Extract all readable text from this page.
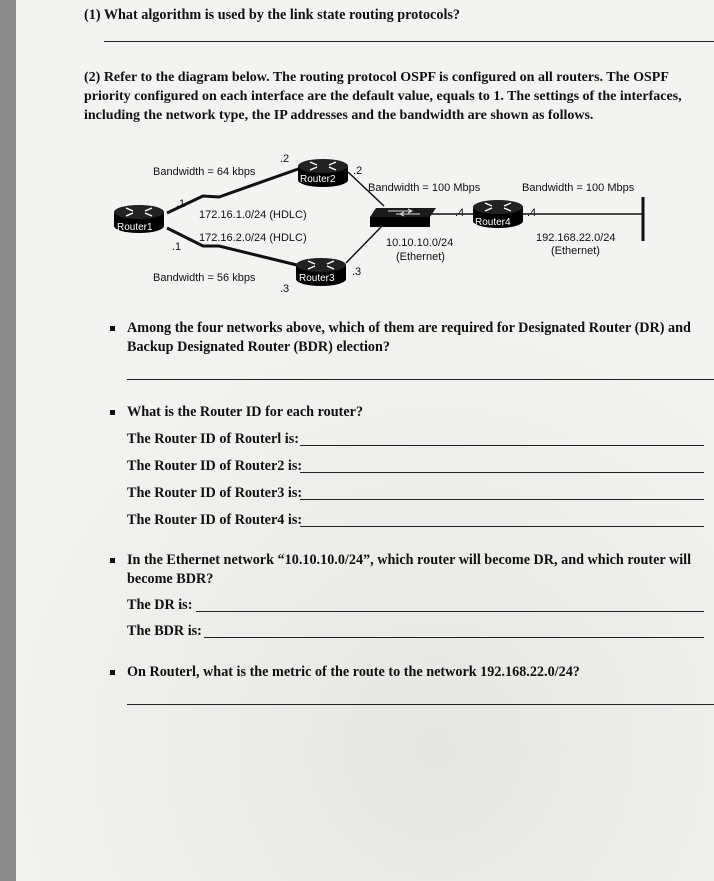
(1) What algorithm is used by the link state routing protocols?
(2) Refer to the diagram below. The routing protocol OSPF is configured on all routers. The OSPF priority configured on each interface are the default value, equals to 1. The settings of the interfaces, including the network type, the IP addresses and the bandwidth are shown as follows.
Router1
Router2
Router3
Router4
Bandwidth = 64 kbps
Bandwidth = 56 kbps
Bandwidth = 100 Mbps	Bandwidth = 100 Mbps
172.16.1.0/24 (HDLC)
172.16.2.0/24 (HDLC)	10.10.10.0/24
(Ethernet)
192.168.22.0/24
(Ethernet)
.1
.1
.2
.2
.3
.3
.4	.4
Among the four networks above, which of them are required for Designated Router (DR) and
Backup Designated Router (BDR) election?
What is the Router ID for each router?
The Router ID of Routerl is:
The Router ID of Router2 is:
The Router ID of Router3 is:
The Router ID of Router4 is:
In the Ethernet network “10.10.10.0/24”, which router will become DR, and which router will
become BDR?
The DR is:
The BDR is:
On Routerl, what is the metric of the route to the network 192.168.22.0/24?
